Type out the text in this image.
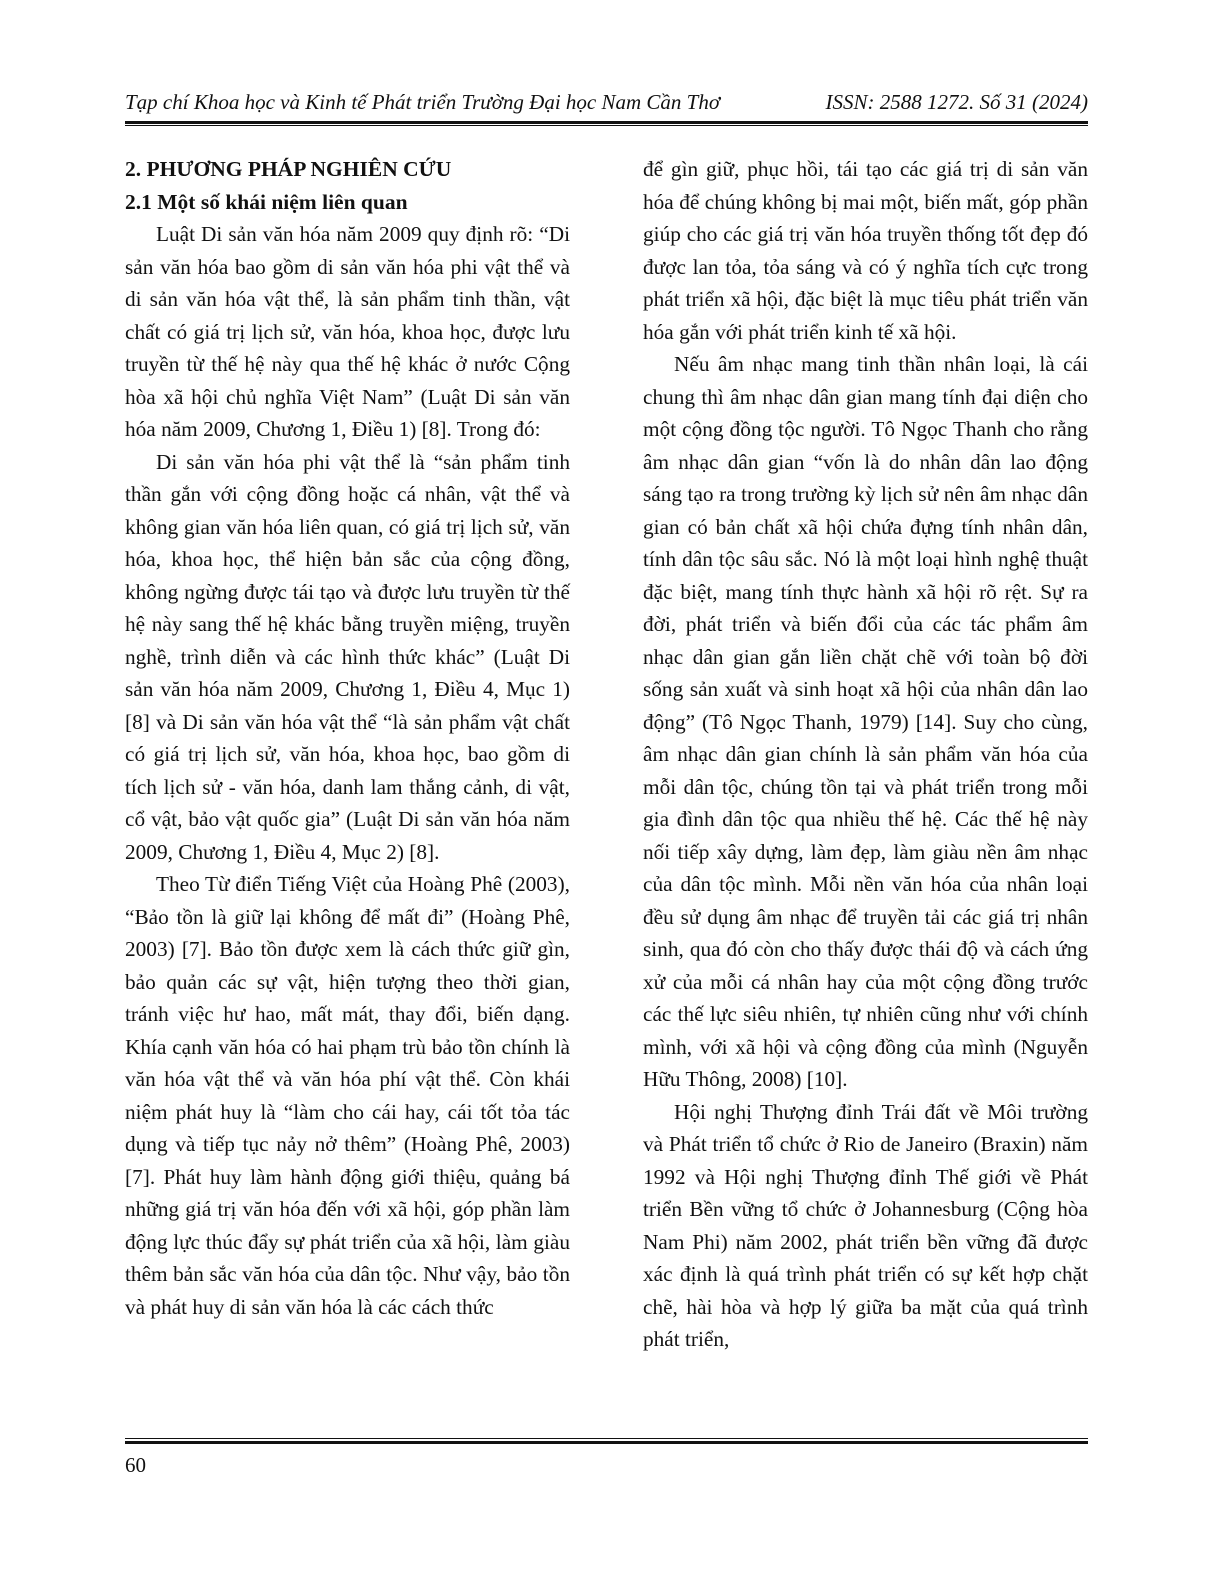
Tạp chí Khoa học và Kinh tế Phát triển Trường Đại học Nam Cần Thơ	ISSN: 2588 1272. Số 31 (2024)
2. PHƯƠNG PHÁP NGHIÊN CỨU
2.1 Một số khái niệm liên quan

Luật Di sản văn hóa năm 2009 quy định rõ: “Di sản văn hóa bao gồm di sản văn hóa phi vật thể và di sản văn hóa vật thể, là sản phẩm tinh thần, vật chất có giá trị lịch sử, văn hóa, khoa học, được lưu truyền từ thế hệ này qua thế hệ khác ở nước Cộng hòa xã hội chủ nghĩa Việt Nam” (Luật Di sản văn hóa năm 2009, Chương 1, Điều 1) [8]. Trong đó:

Di sản văn hóa phi vật thể là “sản phẩm tinh thần gắn với cộng đồng hoặc cá nhân, vật thể và không gian văn hóa liên quan, có giá trị lịch sử, văn hóa, khoa học, thể hiện bản sắc của cộng đồng, không ngừng được tái tạo và được lưu truyền từ thế hệ này sang thế hệ khác bằng truyền miệng, truyền nghề, trình diễn và các hình thức khác” (Luật Di sản văn hóa năm 2009, Chương 1, Điều 4, Mục 1) [8] và Di sản văn hóa vật thể “là sản phẩm vật chất có giá trị lịch sử, văn hóa, khoa học, bao gồm di tích lịch sử - văn hóa, danh lam thắng cảnh, di vật, cổ vật, bảo vật quốc gia” (Luật Di sản văn hóa năm 2009, Chương 1, Điều 4, Mục 2) [8].

Theo Từ điển Tiếng Việt của Hoàng Phê (2003), “Bảo tồn là giữ lại không để mất đi” (Hoàng Phê, 2003) [7]. Bảo tồn được xem là cách thức giữ gìn, bảo quản các sự vật, hiện tượng theo thời gian, tránh việc hư hao, mất mát, thay đổi, biến dạng. Khía cạnh văn hóa có hai phạm trù bảo tồn chính là văn hóa vật thể và văn hóa phí vật thể. Còn khái niệm phát huy là “làm cho cái hay, cái tốt tỏa tác dụng và tiếp tục nảy nở thêm” (Hoàng Phê, 2003) [7]. Phát huy làm hành động giới thiệu, quảng bá những giá trị văn hóa đến với xã hội, góp phần làm động lực thúc đẩy sự phát triển của xã hội, làm giàu thêm bản sắc văn hóa của dân tộc. Như vậy, bảo tồn và phát huy di sản văn hóa là các cách thức

để gìn giữ, phục hồi, tái tạo các giá trị di sản văn hóa để chúng không bị mai một, biến mất, góp phần giúp cho các giá trị văn hóa truyền thống tốt đẹp đó được lan tỏa, tỏa sáng và có ý nghĩa tích cực trong phát triển xã hội, đặc biệt là mục tiêu phát triển văn hóa gắn với phát triển kinh tế xã hội.

Nếu âm nhạc mang tinh thần nhân loại, là cái chung thì âm nhạc dân gian mang tính đại diện cho một cộng đồng tộc người. Tô Ngọc Thanh cho rằng âm nhạc dân gian “vốn là do nhân dân lao động sáng tạo ra trong trường kỳ lịch sử nên âm nhạc dân gian có bản chất xã hội chứa đựng tính nhân dân, tính dân tộc sâu sắc. Nó là một loại hình nghệ thuật đặc biệt, mang tính thực hành xã hội rõ rệt. Sự ra đời, phát triển và biến đổi của các tác phẩm âm nhạc dân gian gắn liền chặt chẽ với toàn bộ đời sống sản xuất và sinh hoạt xã hội của nhân dân lao động” (Tô Ngọc Thanh, 1979) [14]. Suy cho cùng, âm nhạc dân gian chính là sản phẩm văn hóa của mỗi dân tộc, chúng tồn tại và phát triển trong mỗi gia đình dân tộc qua nhiều thế hệ. Các thế hệ này nối tiếp xây dựng, làm đẹp, làm giàu nền âm nhạc của dân tộc mình. Mỗi nền văn hóa của nhân loại đều sử dụng âm nhạc để truyền tải các giá trị nhân sinh, qua đó còn cho thấy được thái độ và cách ứng xử của mỗi cá nhân hay của một cộng đồng trước các thế lực siêu nhiên, tự nhiên cũng như với chính mình, với xã hội và cộng đồng của mình (Nguyễn Hữu Thông, 2008) [10].

Hội nghị Thượng đỉnh Trái đất về Môi trường và Phát triển tổ chức ở Rio de Janeiro (Braxin) năm 1992 và Hội nghị Thượng đỉnh Thế giới về Phát triển Bền vững tổ chức ở Johannesburg (Cộng hòa Nam Phi) năm 2002, phát triển bền vững đã được xác định là quá trình phát triển có sự kết hợp chặt chẽ, hài hòa và hợp lý giữa ba mặt của quá trình phát triển,

60
